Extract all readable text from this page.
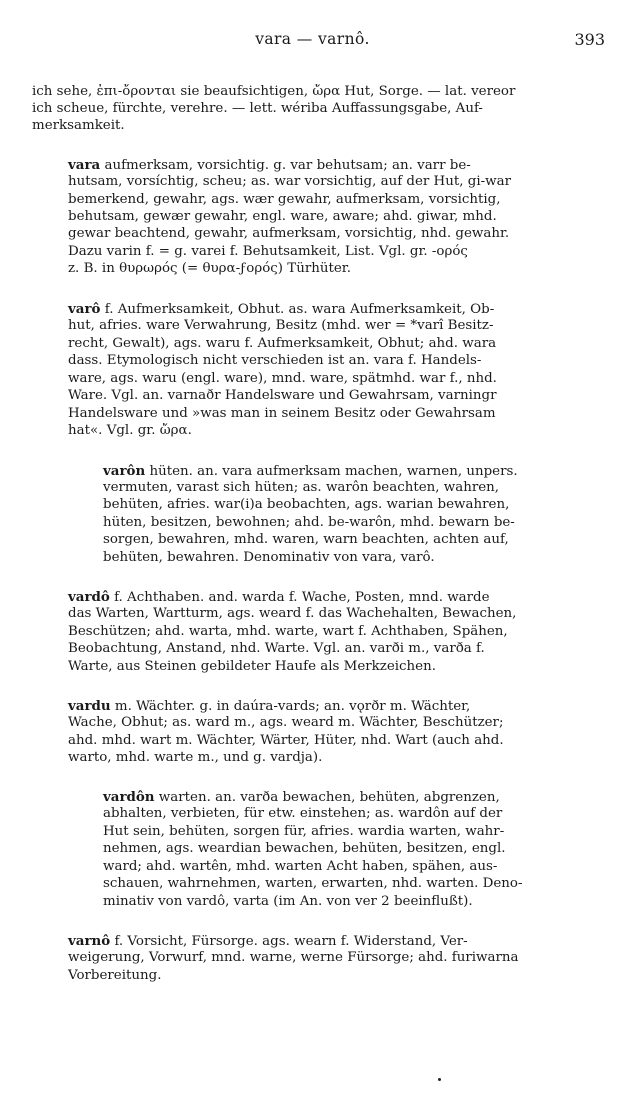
vara — varnô.	393
ich sehe, ἐπι-ὄρονται sie beaufsichtigen, ὤρα Hut, Sorge. — lat. vereor
ich scheue, fürchte, verehre. — lett. wériba Auffassungsgabe, Auf-
merksamkeit.
vara aufmerksam, vorsichtig. g. var behutsam; an. varr be-
hutsam, vorsíchtig, scheu; as. war vorsichtig, auf der Hut, gi-war
bemerkend, gewahr, ags. wær gewahr, aufmerksam, vorsichtig,
behutsam, gewær gewahr, engl. ware, aware; ahd. giwar, mhd.
gewar beachtend, gewahr, aufmerksam, vorsichtig, nhd. gewahr.
Dazu varin f. = g. varei f. Behutsamkeit, List. Vgl. gr. -ορός
z. B. in θυρωρός (= θυρα-ϝορός) Türhüter.
varô f. Aufmerksamkeit, Obhut. as. wara Aufmerksamkeit, Ob-
hut, afries. ware Verwahrung, Besitz (mhd. wer = *varî Besitz-
recht, Gewalt), ags. waru f. Aufmerksamkeit, Obhut; ahd. wara
dass. Etymologisch nicht verschieden ist an. vara f. Handels-
ware, ags. waru (engl. ware), mnd. ware, spätmhd. war f., nhd.
Ware. Vgl. an. varnaðr Handelsware und Gewahrsam, varningr
Handelsware und »was man in seinem Besitz oder Gewahrsam
hat«. Vgl. gr. ὤρα.
varôn hüten. an. vara aufmerksam machen, warnen, unpers.
vermuten, varast sich hüten; as. warôn beachten, wahren,
behüten, afries. war(i)a beobachten, ags. warian bewahren,
hüten, besitzen, bewohnen; ahd. be-warôn, mhd. bewarn be-
sorgen, bewahren, mhd. waren, warn beachten, achten auf,
behüten, bewahren. Denominativ von vara, varô.
vardô f. Achthaben. and. warda f. Wache, Posten, mnd. warde
das Warten, Wartturm, ags. weard f. das Wachehalten, Bewachen,
Beschützen; ahd. warta, mhd. warte, wart f. Achthaben, Spähen,
Beobachtung, Anstand, nhd. Warte. Vgl. an. varði m., varða f.
Warte, aus Steinen gebildeter Haufe als Merkzeichen.
vardu m. Wächter. g. in daúra-vards; an. vǫrðr m. Wächter,
Wache, Obhut; as. ward m., ags. weard m. Wächter, Beschützer;
ahd. mhd. wart m. Wächter, Wärter, Hüter, nhd. Wart (auch ahd.
warto, mhd. warte m., und g. vardja).
vardôn warten. an. varða bewachen, behüten, abgrenzen,
abhalten, verbieten, für etw. einstehen; as. wardôn auf der
Hut sein, behüten, sorgen für, afries. wardia warten, wahr-
nehmen, ags. weardian bewachen, behüten, besitzen, engl.
ward; ahd. wartên, mhd. warten Acht haben, spähen, aus-
schauen, wahrnehmen, warten, erwarten, nhd. warten. Deno-
minativ von vardô, varta (im An. von ver 2 beeinflußt).
varnô f. Vorsicht, Fürsorge. ags. wearn f. Widerstand, Ver-
weigerung, Vorwurf, mnd. warne, werne Fürsorge; ahd. furiwarna
Vorbereitung.
